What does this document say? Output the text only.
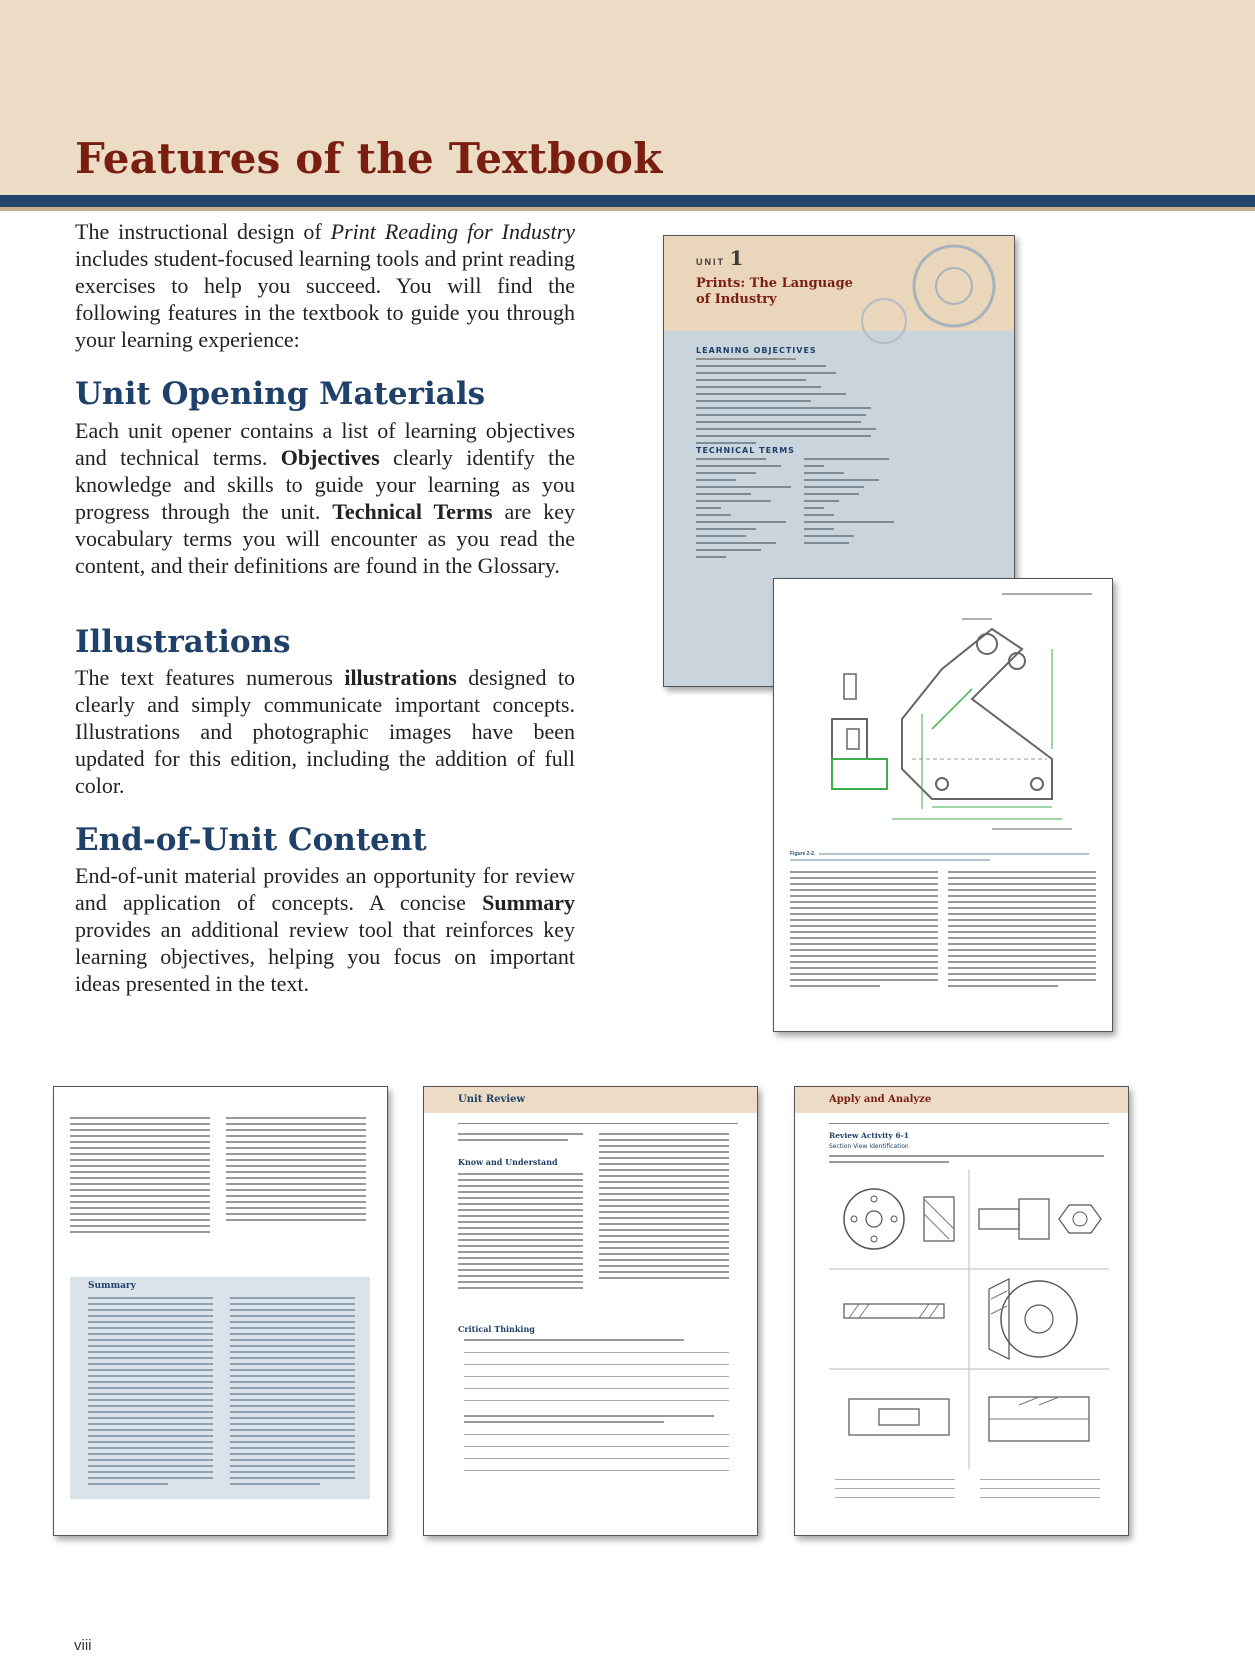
Features of the Textbook

The instructional design of Print Reading for Industry includes student-focused learning tools and print reading exercises to help you succeed. You will find the following features in the textbook to guide you through your learning experience:

Unit Opening Materials

Each unit opener contains a list of learning objectives and technical terms. Objectives clearly identify the knowledge and skills to guide your learning as you progress through the unit. Technical Terms are key vocabulary terms you will encounter as you read the content, and their definitions are found in the Glossary.

Illustrations

The text features numerous illustrations designed to clearly and simply communicate important concepts. Illustrations and photographic images have been updated for this edition, including the addition of full color.

End-of-Unit Content

End-of-unit material provides an opportunity for review and application of concepts. A concise Summary provides an additional review tool that reinforces key learning objectives, helping you focus on important ideas presented in the text.

UNIT 1
Prints: The Language
of Industry
LEARNING OBJECTIVES
TECHNICAL TERMS
Figure 2-2.
Summary
Unit Review
Know and Understand
Critical Thinking
Apply and Analyze
Review Activity 6-1
Section View Identification
viii
